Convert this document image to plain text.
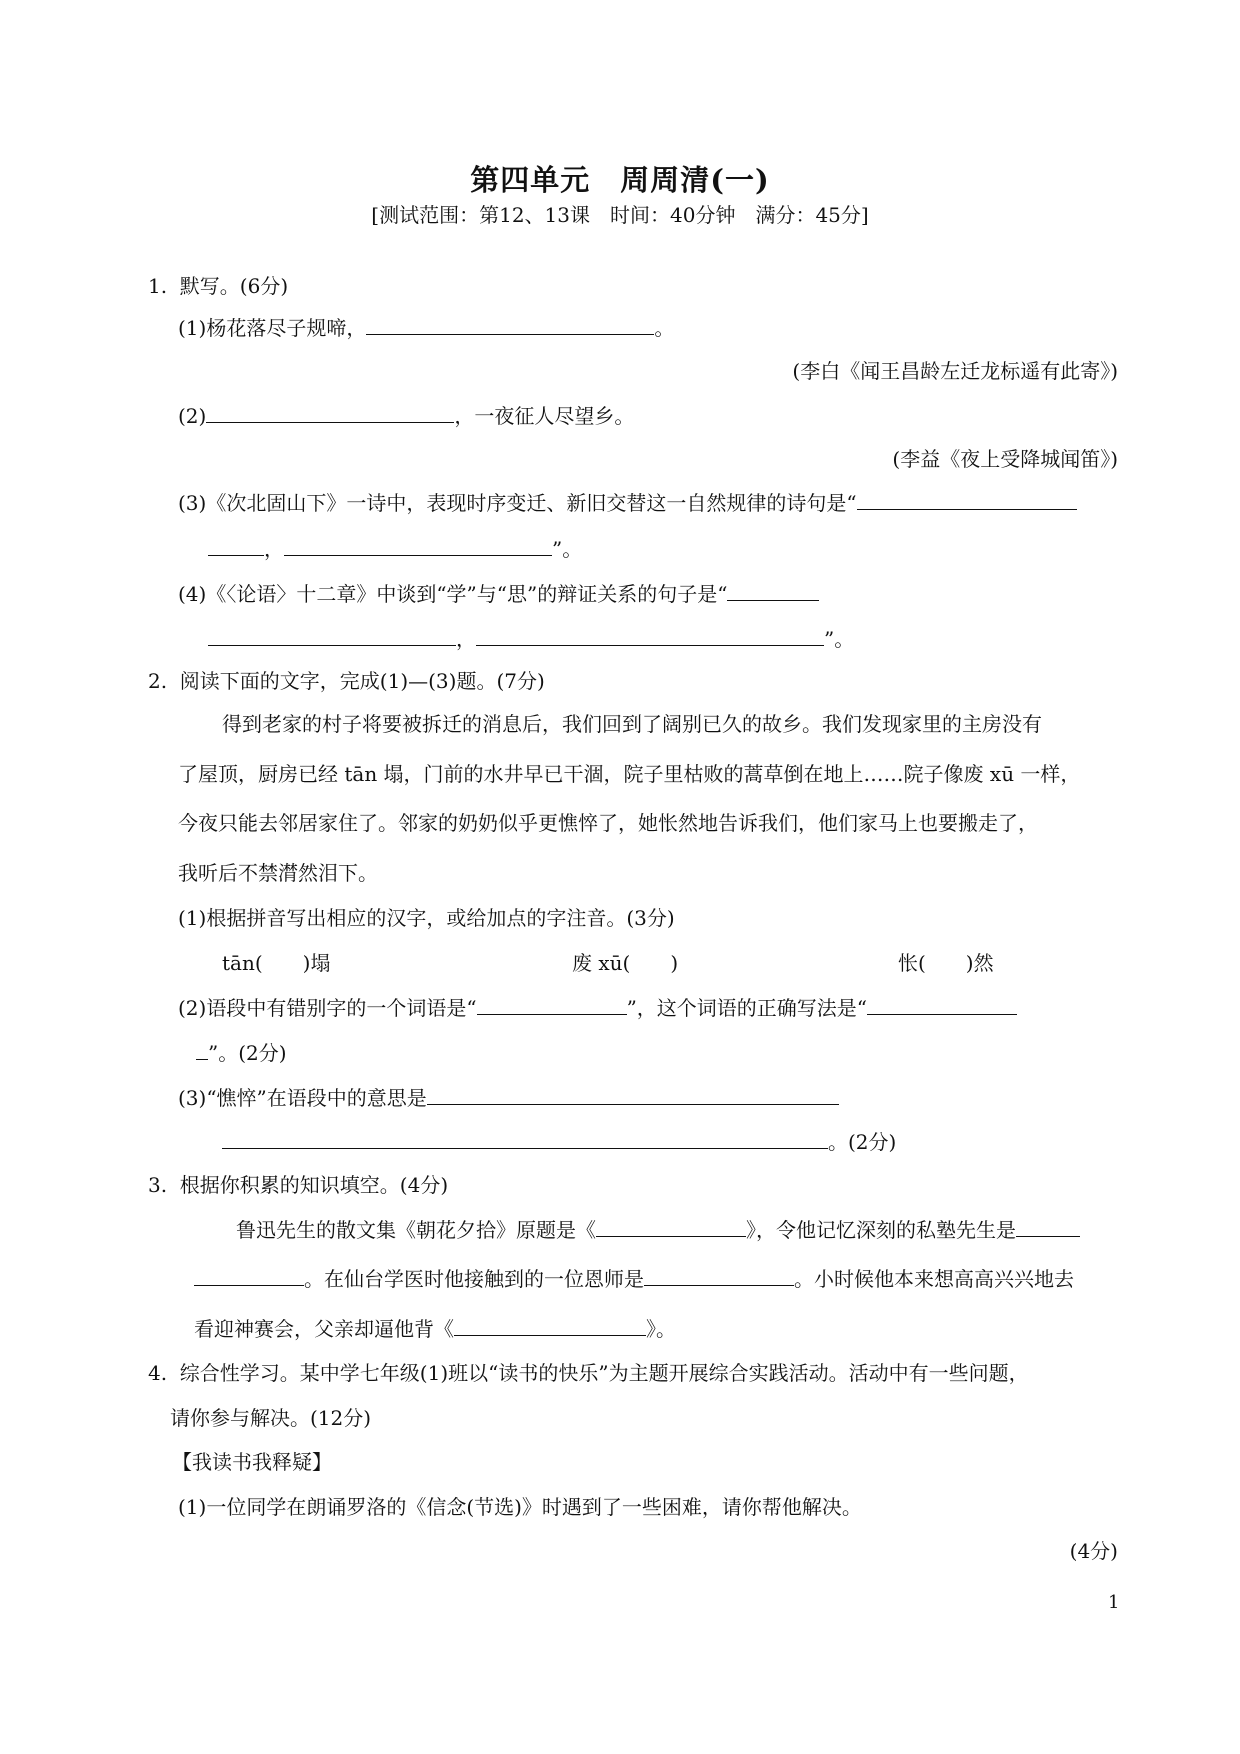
第四单元　周周清(一)
[测试范围：第12、13课　时间：40分钟　满分：45分]
1.  默写。(6分)
(1)杨花落尽子规啼，	。
(李白《闻王昌龄左迁龙标遥有此寄》)
(2)	，一夜征人尽望乡。
(李益《夜上受降城闻笛》)
(3)《次北固山下》一诗中，表现时序变迁、新旧交替这一自然规律的诗句是“
，	”。
(4)《〈论语〉十二章》中谈到“学”与“思”的辩证关系的句子是“
，	”。
2.  阅读下面的文字，完成(1)—(3)题。(7分)
得到老家的村子将要被拆迁的消息后，我们回到了阔别已久的故乡。我们发现家里的主房没有
了屋顶，厨房已经 tān 塌，门前的水井早已干涸，院子里枯败的蒿草倒在地上……院子像废 xū 一样，
今夜只能去邻居家住了。邻家的奶奶似乎更憔悴了，她怅然地告诉我们，他们家马上也要搬走了，
我听后不禁潸然泪下。
(1)根据拼音写出相应的汉字，或给加点的字注音。(3分)
tān(　　)塌	废 xū(　　)	怅(　　)然
(2)语段中有错别字的一个词语是“	”，这个词语的正确写法是“
”。(2分)
(3)“憔悴”在语段中的意思是
。(2分)
3.  根据你积累的知识填空。(4分)
鲁迅先生的散文集《朝花夕拾》原题是《	》，令他记忆深刻的私塾先生是
。在仙台学医时他接触到的一位恩师是	。小时候他本来想高高兴兴地去
看迎神赛会，父亲却逼他背《	》。
4.  综合性学习。某中学七年级(1)班以“读书的快乐”为主题开展综合实践活动。活动中有一些问题，
请你参与解决。(12分)
【我读书我释疑】
(1)一位同学在朗诵罗洛的《信念(节选)》时遇到了一些困难，请你帮他解决。
(4分)
1
